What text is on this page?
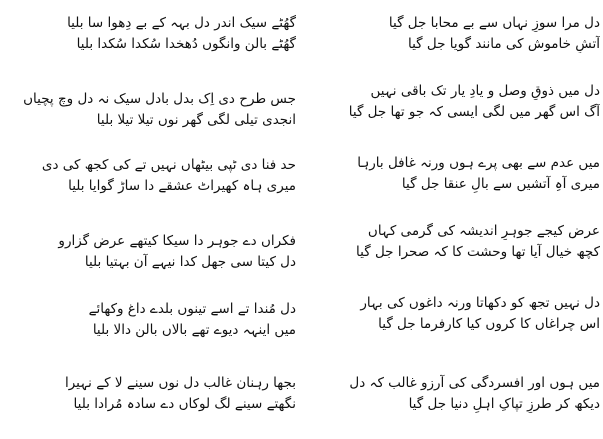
گھُٹے سیک اندر دل بہہ کے بے دِھوا سا بلیا
گھُٹے بالن وانگوں دُھخدا سُکدا سُکدا بلیا
جس طرح دی اِک بدل بادل سیک نہ دل وچ پچیاں
انجدی تیلی لگی گھر نوں تیلا تیلا بلیا
حد فنا دی ٹپی بیٹھاں نہیں تے کی کجھ کی دی
میری ہاہ کھیراٹ عشقے دا ساڑ گوایا بلیا
فکراں دے جوہر دا سیکا کیتھے عرض گزارو
دل کیتا سی جھل کدا نیہے آن بہتیا بلیا
دل مُندا تے اسے تینوں بلدے داغ وکھائے
میں اینہہ دیوے تھے بالاں بالن دالا بلیا
بجھا رہنان غالب دل نوں سینے لا کے نہیرا
نگھتے سینے لگ لوکاں دے سادہ مُرادا بلیا
دل مرا سوزِ نہاں سے بے محابا جل گیا
آتشِ خاموش کی مانند گویا جل گیا
دل میں ذوقِ وصل و یادِ یار تک باقی نہیں
آگ اس گھر میں لگی ایسی کہ جو تھا جل گیا
میں عدم سے بھی پرے ہوں ورنہ غافل بارہا
میری آہِ آتشیں سے بالِ عنقا جل گیا
عرض کیجے جوہرِ اندیشہ کی گرمی کہاں
کچھ خیال آیا تھا وحشت کا کہ صحرا جل گیا
دل نہیں تجھ کو دکھاتا ورنہ داغوں کی بہار
اس چراغاں کا کروں کیا کارفرما جل گیا
میں ہوں اور افسردگی کی آرزو غالب کہ دل
دیکھ کر طرزِ تپاکِ اہلِ دنیا جل گیا
